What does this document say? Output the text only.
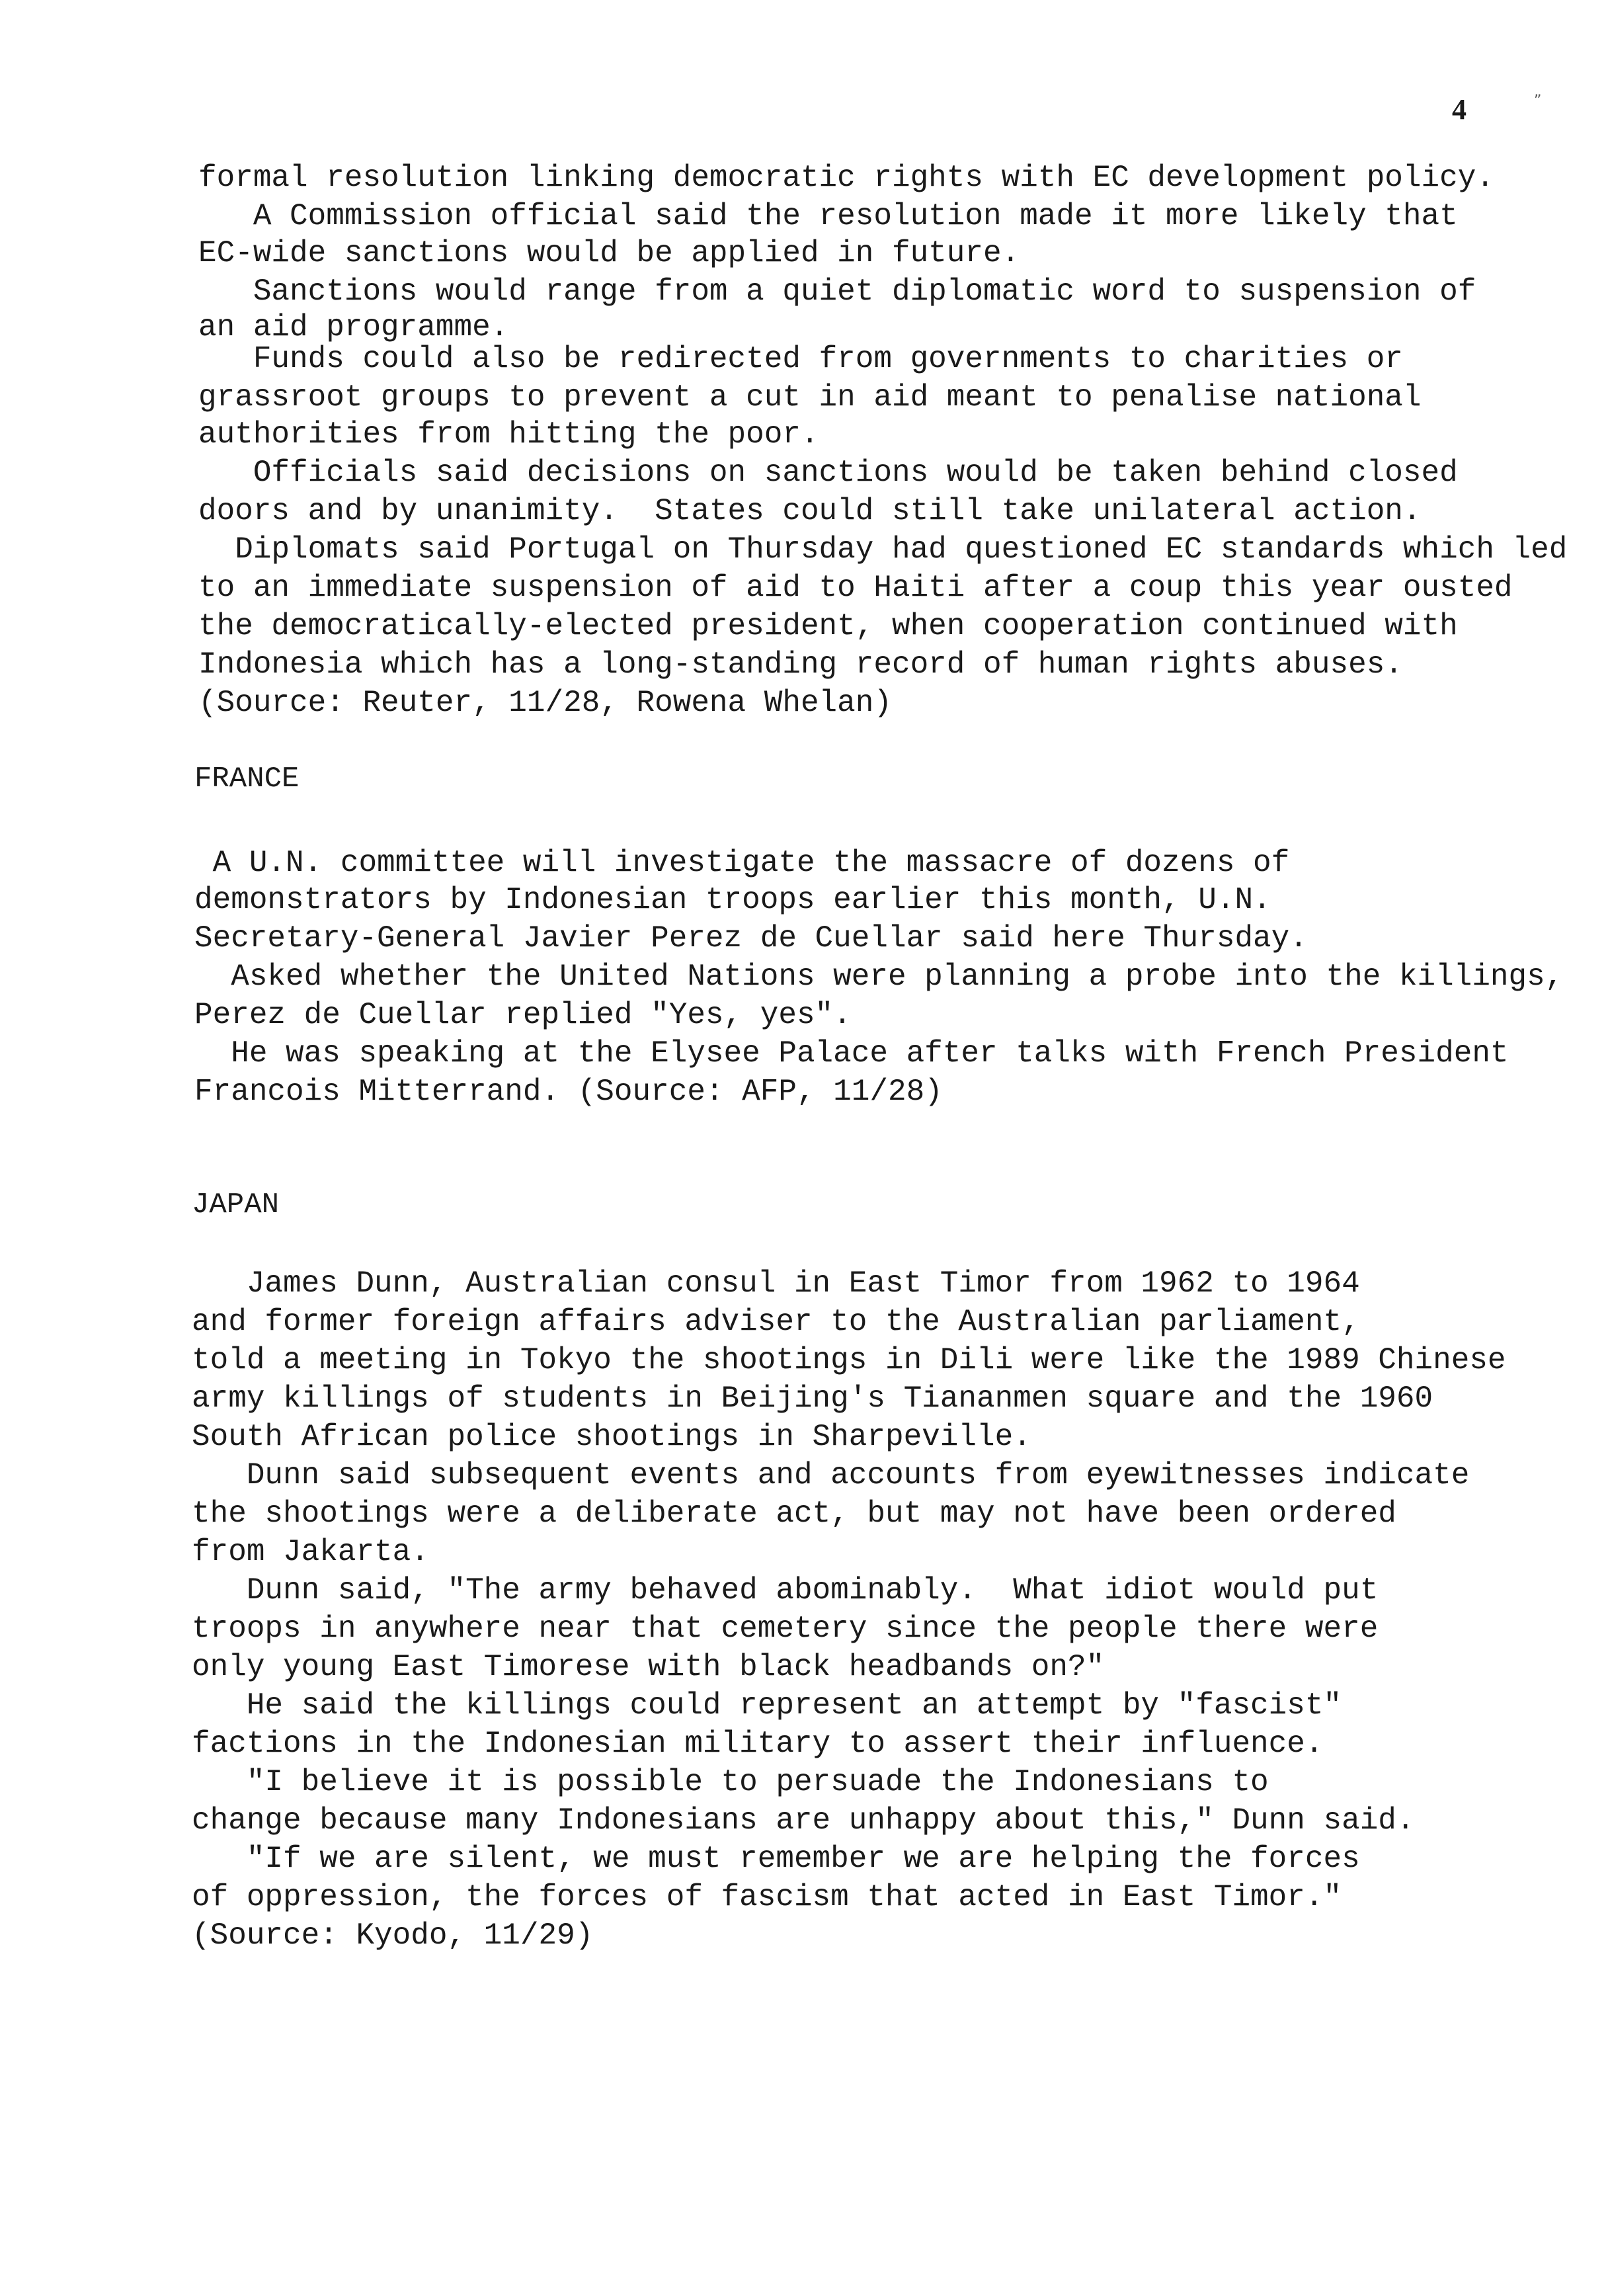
4	”
formal resolution linking democratic rights with EC development policy.
A Commission official said the resolution made it more likely that
EC-wide sanctions would be applied in future.
Sanctions would range from a quiet diplomatic word to suspension of
an aid programme.
Funds could also be redirected from governments to charities or
grassroot groups to prevent a cut in aid meant to penalise national
authorities from hitting the poor.
Officials said decisions on sanctions would be taken behind closed
doors and by unanimity.  States could still take unilateral action.
Diplomats said Portugal on Thursday had questioned EC standards which led
to an immediate suspension of aid to Haiti after a coup this year ousted
the democratically-elected president, when cooperation continued with
Indonesia which has a long-standing record of human rights abuses.
(Source: Reuter, 11/28, Rowena Whelan)
FRANCE
A U.N. committee will investigate the massacre of dozens of
demonstrators by Indonesian troops earlier this month, U.N.
Secretary-General Javier Perez de Cuellar said here Thursday.
Asked whether the United Nations were planning a probe into the killings,
Perez de Cuellar replied "Yes, yes".
He was speaking at the Elysee Palace after talks with French President
Francois Mitterrand. (Source: AFP, 11/28)
JAPAN
James Dunn, Australian consul in East Timor from 1962 to 1964
and former foreign affairs adviser to the Australian parliament,
told a meeting in Tokyo the shootings in Dili were like the 1989 Chinese
army killings of students in Beijing's Tiananmen square and the 1960
South African police shootings in Sharpeville.
Dunn said subsequent events and accounts from eyewitnesses indicate
the shootings were a deliberate act, but may not have been ordered
from Jakarta.
Dunn said, "The army behaved abominably.  What idiot would put
troops in anywhere near that cemetery since the people there were
only young East Timorese with black headbands on?"
He said the killings could represent an attempt by "fascist"
factions in the Indonesian military to assert their influence.
"I believe it is possible to persuade the Indonesians to
change because many Indonesians are unhappy about this," Dunn said.
"If we are silent, we must remember we are helping the forces
of oppression, the forces of fascism that acted in East Timor."
(Source: Kyodo, 11/29)
